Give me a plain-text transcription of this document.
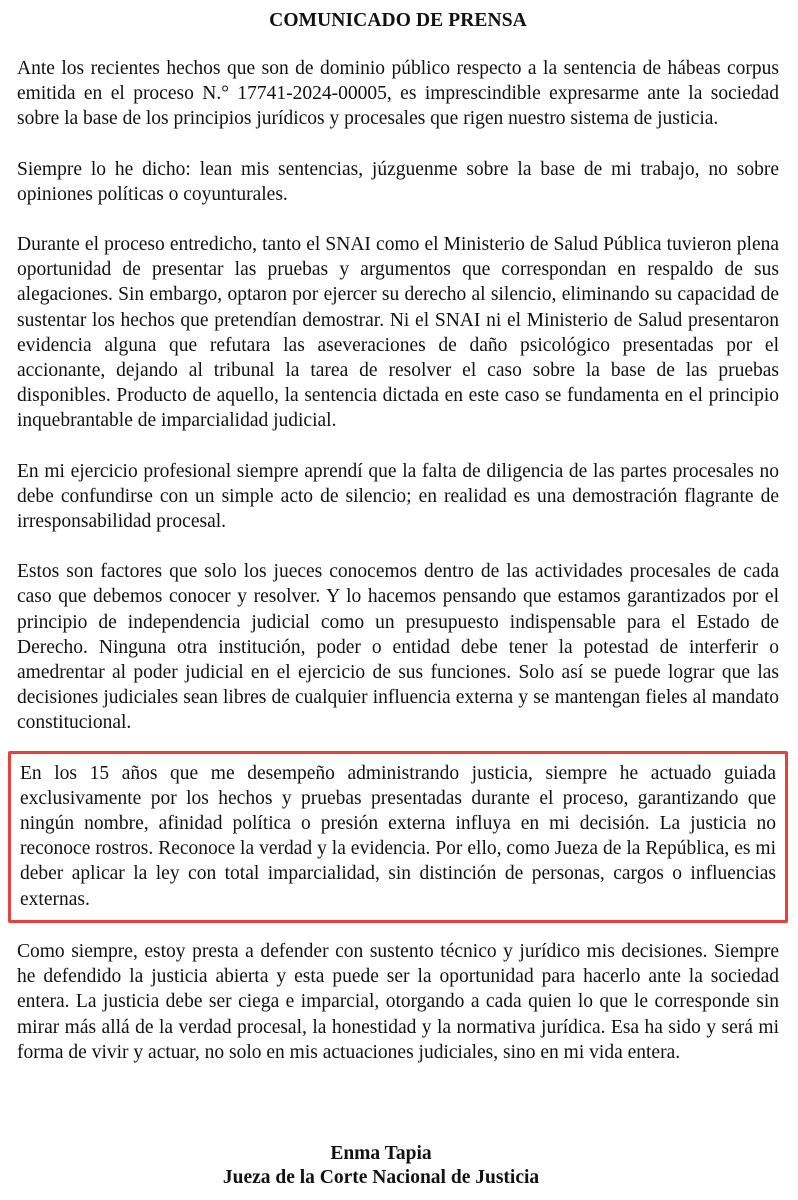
COMUNICADO DE PRENSA

Ante los recientes hechos que son de dominio público respecto a la sentencia de hábeas corpus emitida en el proceso N.° 17741-2024-00005, es imprescindible expresarme ante la sociedad sobre la base de los principios jurídicos y procesales que rigen nuestro sistema de justicia.

Siempre lo he dicho: lean mis sentencias, júzguenme sobre la base de mi trabajo, no sobre opiniones políticas o coyunturales.

Durante el proceso entredicho, tanto el SNAI como el Ministerio de Salud Pública tuvieron plena oportunidad de presentar las pruebas y argumentos que correspondan en respaldo de sus alegaciones. Sin embargo, optaron por ejercer su derecho al silencio, eliminando su capacidad de sustentar los hechos que pretendían demostrar. Ni el SNAI ni el Ministerio de Salud presentaron evidencia alguna que refutara las aseveraciones de daño psicológico presentadas por el accionante, dejando al tribunal la tarea de resolver el caso sobre la base de las pruebas disponibles. Producto de aquello, la sentencia dictada en este caso se fundamenta en el principio inquebrantable de imparcialidad judicial.

En mi ejercicio profesional siempre aprendí que la falta de diligencia de las partes procesales no debe confundirse con un simple acto de silencio; en realidad es una demostración flagrante de irresponsabilidad procesal.

Estos son factores que solo los jueces conocemos dentro de las actividades procesales de cada caso que debemos conocer y resolver. Y lo hacemos pensando que estamos garantizados por el principio de independencia judicial como un presupuesto indispensable para el Estado de Derecho. Ninguna otra institución, poder o entidad debe tener la potestad de interferir o amedrentar al poder judicial en el ejercicio de sus funciones. Solo así se puede lograr que las decisiones judiciales sean libres de cualquier influencia externa y se mantengan fieles al mandato constitucional.

En los 15 años que me desempeño administrando justicia, siempre he actuado guiada exclusivamente por los hechos y pruebas presentadas durante el proceso, garantizando que ningún nombre, afinidad política o presión externa influya en mi decisión. La justicia no reconoce rostros. Reconoce la verdad y la evidencia. Por ello, como Jueza de la República, es mi deber aplicar la ley con total imparcialidad, sin distinción de personas, cargos o influencias externas.

Como siempre, estoy presta a defender con sustento técnico y jurídico mis decisiones. Siempre he defendido la justicia abierta y esta puede ser la oportunidad para hacerlo ante la sociedad entera. La justicia debe ser ciega e imparcial, otorgando a cada quien lo que le corresponde sin mirar más allá de la verdad procesal, la honestidad y la normativa jurídica. Esa ha sido y será mi forma de vivir y actuar, no solo en mis actuaciones judiciales, sino en mi vida entera.

Enma Tapia
Jueza de la Corte Nacional de Justicia
